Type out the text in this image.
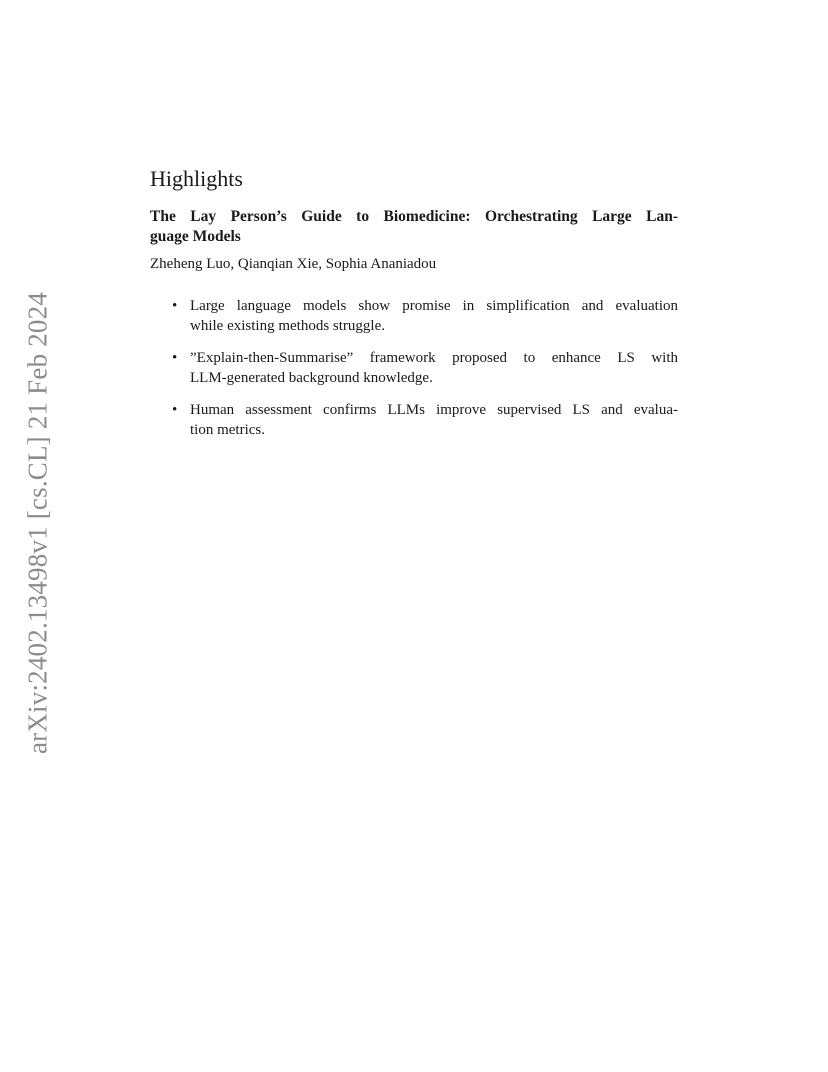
arXiv:2402.13498v1 [cs.CL] 21 Feb 2024
Highlights
The Lay Person’s Guide to Biomedicine: Orchestrating Large Lan-
guage Models

Zheheng Luo, Qianqian Xie, Sophia Ananiadou

• Large language models show promise in simplification and evaluation
while existing methods struggle.
• ”Explain-then-Summarise” framework proposed to enhance LS with
LLM-generated background knowledge.
• Human assessment confirms LLMs improve supervised LS and evalua-
tion metrics.
